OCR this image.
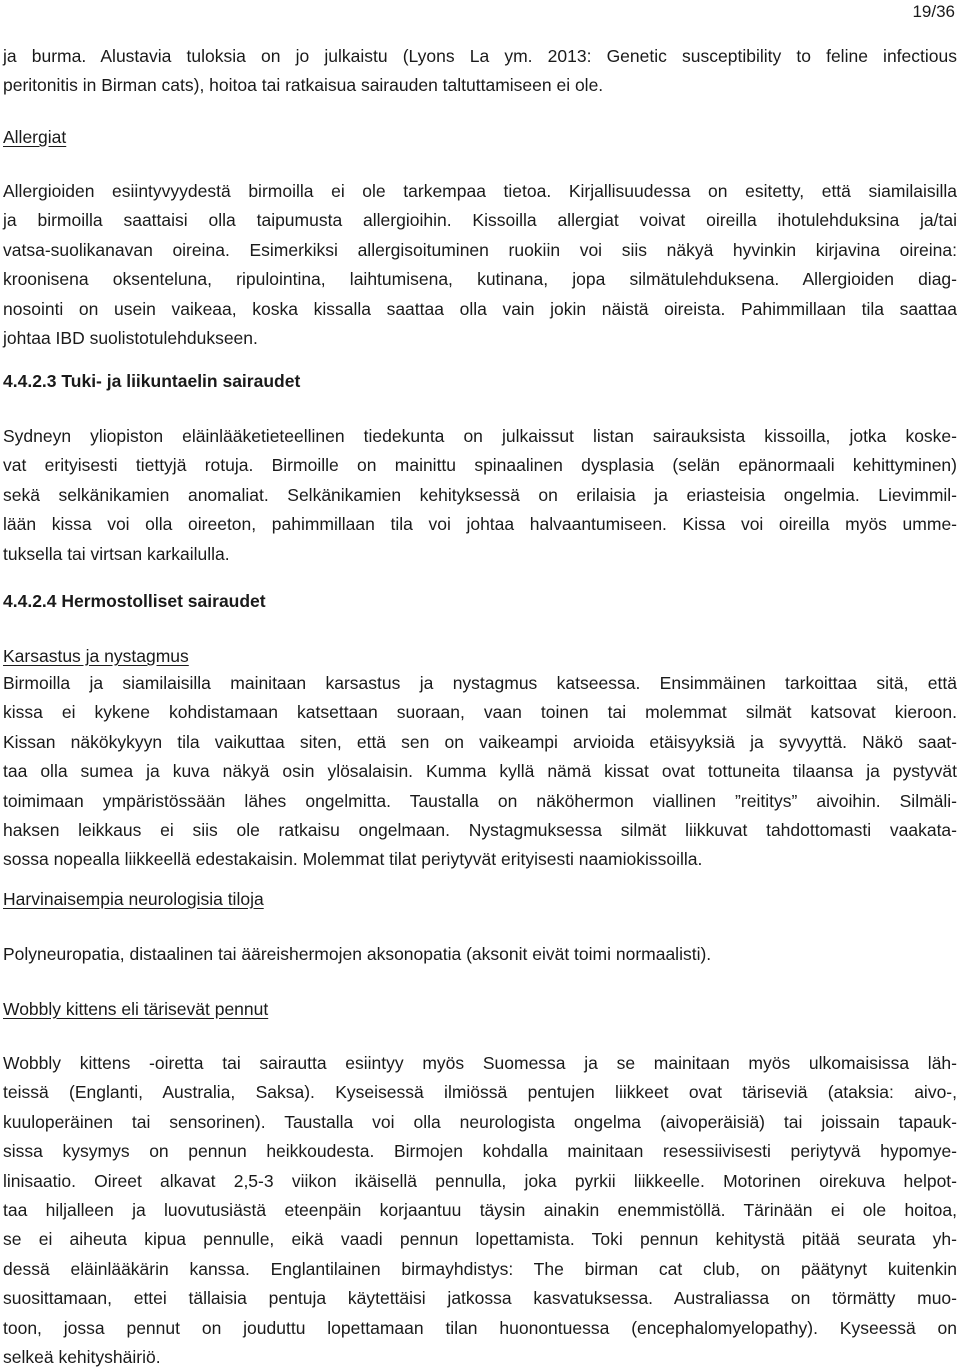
19/36

ja burma. Alustavia tuloksia on jo julkaistu (Lyons La ym. 2013: Genetic susceptibility to feline infectious
peritonitis in Birman cats), hoitoa tai ratkaisua sairauden taltuttamiseen ei ole.

Allergiat

Allergioiden esiintyvyydestä birmoilla ei ole tarkempaa tietoa. Kirjallisuudessa on esitetty, että siamilaisilla
ja birmoilla saattaisi olla taipumusta allergioihin. Kissoilla allergiat voivat oireilla ihotulehduksina ja/tai
vatsa-suolikanavan oireina. Esimerkiksi allergisoituminen ruokiin voi siis näkyä hyvinkin kirjavina oireina:
kroonisena oksenteluna, ripulointina, laihtumisena, kutinana, jopa silmätulehduksena. Allergioiden diag-
nosointi on usein vaikeaa, koska kissalla saattaa olla vain jokin näistä oireista. Pahimmillaan tila saattaa
johtaa IBD suolistotulehdukseen.

4.4.2.3 Tuki- ja liikuntaelin sairaudet

Sydneyn yliopiston eläinlääketieteellinen tiedekunta on julkaissut listan sairauksista kissoilla, jotka koske-
vat erityisesti tiettyjä rotuja. Birmoille on mainittu spinaalinen dysplasia (selän epänormaali kehittyminen)
sekä selkänikamien anomaliat. Selkänikamien kehityksessä on erilaisia ja eriasteisia ongelmia. Lievimmil-
lään kissa voi olla oireeton, pahimmillaan tila voi johtaa halvaantumiseen. Kissa voi oireilla myös umme-
tuksella tai virtsan karkailulla.

4.4.2.4 Hermostolliset sairaudet

Karsastus ja nystagmus

Birmoilla ja siamilaisilla mainitaan karsastus ja nystagmus katseessa. Ensimmäinen tarkoittaa sitä, että
kissa ei kykene kohdistamaan katsettaan suoraan, vaan toinen tai molemmat silmät katsovat kieroon.
Kissan näkökykyyn tila vaikuttaa siten, että sen on vaikeampi arvioida etäisyyksiä ja syvyyttä. Näkö saat-
taa olla sumea ja kuva näkyä osin ylösalaisin. Kumma kyllä nämä kissat ovat tottuneita tilaansa ja pystyvät
toimimaan ympäristössään lähes ongelmitta. Taustalla on näköhermon viallinen ”reititys” aivoihin. Silmäli-
haksen leikkaus ei siis ole ratkaisu ongelmaan. Nystagmuksessa silmät liikkuvat tahdottomasti vaakata-
sossa nopealla liikkeellä edestakaisin. Molemmat tilat periytyvät erityisesti naamiokissoilla.

Harvinaisempia neurologisia tiloja

Polyneuropatia, distaalinen tai ääreishermojen aksonopatia (aksonit eivät toimi normaalisti).

Wobbly kittens eli tärisevät pennut

Wobbly kittens -oiretta tai sairautta esiintyy myös Suomessa ja se mainitaan myös ulkomaisissa läh-
teissä (Englanti, Australia, Saksa). Kyseisessä ilmiössä pentujen liikkeet ovat täriseviä (ataksia: aivo-,
kuuloperäinen tai sensorinen). Taustalla voi olla neurologista ongelma (aivoperäisiä) tai joissain tapauk-
sissa kysymys on pennun heikkoudesta. Birmojen kohdalla mainitaan resessiivisesti periytyvä hypomye-
linisaatio. Oireet alkavat 2,5-3 viikon ikäisellä pennulla, joka pyrkii liikkeelle. Motorinen oirekuva helpot-
taa hiljalleen ja luovutusiästä eteenpäin korjaantuu täysin ainakin enemmistöllä. Tärinään ei ole hoitoa,
se ei aiheuta kipua pennulle, eikä vaadi pennun lopettamista. Toki pennun kehitystä pitää seurata yh-
dessä eläinlääkärin kanssa. Englantilainen birmayhdistys: The birman cat club, on päätynyt kuitenkin
suosittamaan, ettei tällaisia pentuja käytettäisi jatkossa kasvatuksessa. Australiassa on törmätty muo-
toon, jossa pennut on jouduttu lopettamaan tilan huonontuessa (encephalomyelopathy). Kyseessä on
selkeä kehityshäiriö.
